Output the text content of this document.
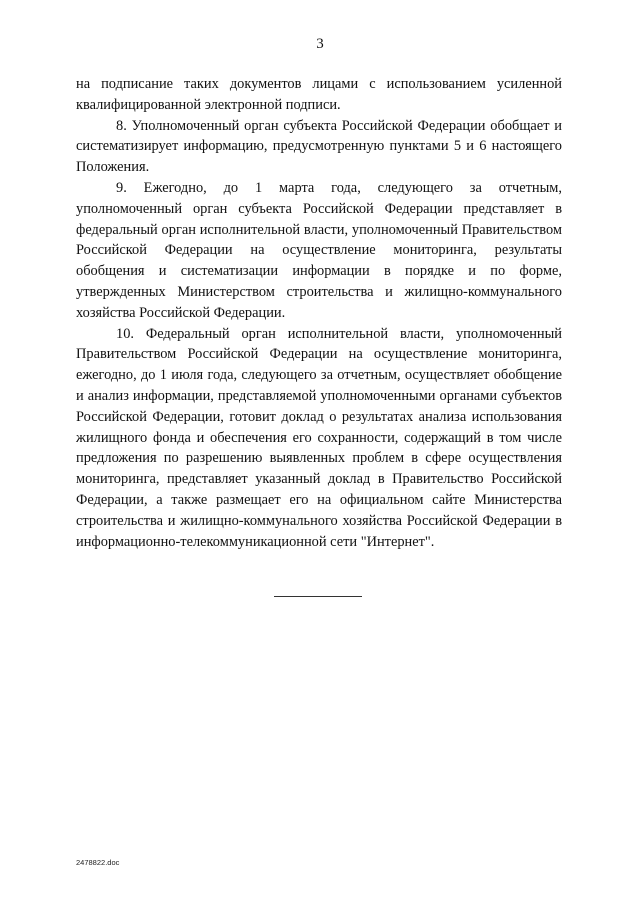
3

на подписание таких документов лицами с использованием усиленной квалифицированной электронной подписи.

8. Уполномоченный орган субъекта Российской Федерации обобщает и систематизирует информацию, предусмотренную пунктами 5 и 6 настоящего Положения.

9. Ежегодно, до 1 марта года, следующего за отчетным, уполномоченный орган субъекта Российской Федерации представляет в федеральный орган исполнительной власти, уполномоченный Правительством Российской Федерации на осуществление мониторинга, результаты обобщения и систематизации информации в порядке и по форме, утвержденных Министерством строительства и жилищно-коммунального хозяйства Российской Федерации.

10. Федеральный орган исполнительной власти, уполномоченный Правительством Российской Федерации на осуществление мониторинга, ежегодно, до 1 июля года, следующего за отчетным, осуществляет обобщение и анализ информации, представляемой уполномоченными органами субъектов Российской Федерации, готовит доклад о результатах анализа использования жилищного фонда и обеспечения его сохранности, содержащий в том числе предложения по разрешению выявленных проблем в сфере осуществления мониторинга, представляет указанный доклад в Правительство Российской Федерации, а также размещает его на официальном сайте Министерства строительства и жилищно-коммунального хозяйства Российской Федерации в информационно-телекоммуникационной сети "Интернет".

2478822.doc
